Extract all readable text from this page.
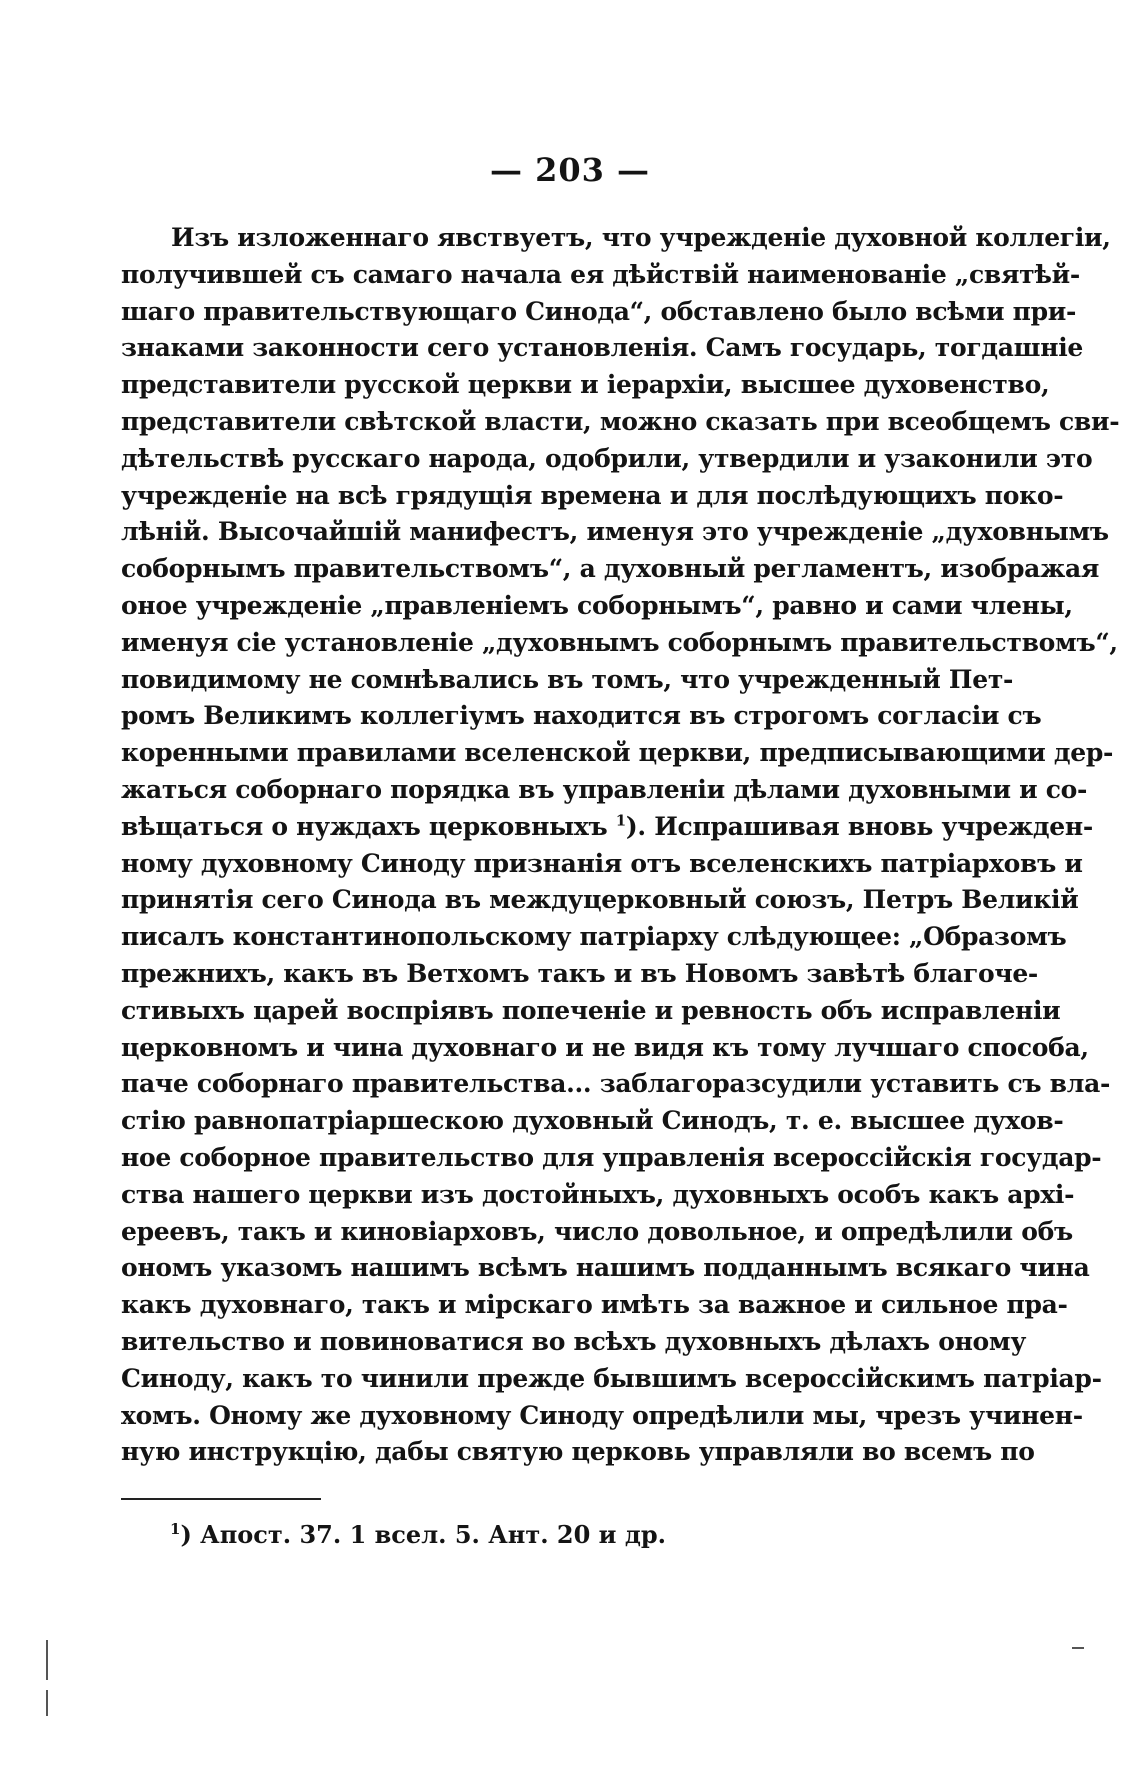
— 203 —
Изъ изложеннаго явствуетъ, что учрежденіе духовной коллегіи,
получившей съ самаго начала ея дѣйствій наименованіе „святѣй-
шаго правительствующаго Синода“, обставлено было всѣми при-
знаками законности сего установленія. Самъ государь, тогдашніе
представители русской церкви и іерархіи, высшее духовенство,
представители свѣтской власти, можно сказать при всеобщемъ сви-
дѣтельствѣ русскаго народа, одобрили, утвердили и узаконили это
учрежденіе на всѣ грядущія времена и для послѣдующихъ поко-
лѣній. Высочайшій манифестъ, именуя это учрежденіе „духовнымъ
соборнымъ правительствомъ“, а духовный регламентъ, изображая
оное учрежденіе „правленіемъ соборнымъ“, равно и сами члены,
именуя сіе установленіе „духовнымъ соборнымъ правительствомъ“,
повидимому не сомнѣвались въ томъ, что учрежденный Пет-
ромъ Великимъ коллегіумъ находится въ строгомъ согласіи съ
коренными правилами вселенской церкви, предписывающими дер-
жаться соборнаго порядка въ управленіи дѣлами духовными и со-
вѣщаться о нуждахъ церковныхъ $^1$). Испрашивая вновь учрежден-
ному духовному Синоду признанія отъ вселенскихъ патріарховъ и
принятія сего Синода въ междуцерковный союзъ, Петръ Великій
писалъ константинопольскому патріарху слѣдующее: „Образомъ
прежнихъ, какъ въ Ветхомъ такъ и въ Новомъ завѣтѣ благоче-
стивыхъ царей воспріявъ попеченіе и ревность объ исправленіи
церковномъ и чина духовнаго и не видя къ тому лучшаго способа,
паче соборнаго правительства... заблагоразсудили уставить съ вла-
стію равнопатріаршескою духовный Синодъ, т. е. высшее духов-
ное соборное правительство для управленія всероссійскія государ-
ства нашего церкви изъ достойныхъ, духовныхъ особъ какъ архі-
ереевъ, такъ и киновіарховъ, число довольное, и опредѣлили объ
ономъ указомъ нашимъ всѣмъ нашимъ подданнымъ всякаго чина
какъ духовнаго, такъ и мірскаго имѣть за важное и сильное пра-
вительство и повиноватися во всѣхъ духовныхъ дѣлахъ оному
Синоду, какъ то чинили прежде бывшимъ всероссійскимъ патріар-
хомъ. Оному же духовному Синоду опредѣлили мы, чрезъ учинен-
ную инструкцію, дабы святую церковь управляли во всемъ по
$^1$) Апост. 37. 1 всел. 5. Ант. 20 и др.
